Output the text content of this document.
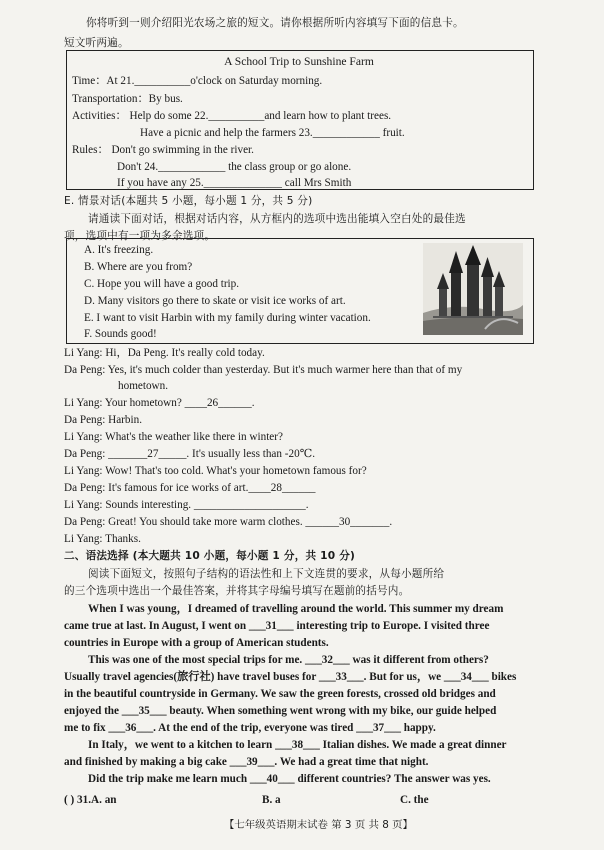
你将听到一则介绍阳光农场之旅的短文。请你根据所听内容填写下面的信息卡。
短文听两遍。
A School Trip to Sunshine Farm
Time：At 21.__________o'clock on Saturday morning.
Transportation：By bus.
Activities： Help do some 22.__________and learn how to plant trees.
Have a picnic and help the farmers 23.____________ fruit.
Rules： Don't go swimming in the river.
Don't 24.____________ the class group or go alone.
If you have any 25.______________ call Mrs Smith
E. 情景对话(本题共 5 小题，每小题 1 分，共 5 分)
请通读下面对话，根据对话内容，从方框内的选项中选出能填入空白处的最佳选
项，选项中有一项为多余选项。
A. It's freezing.
B. Where are you from?
C. Hope you will have a good trip.
D. Many visitors go there to skate or visit ice works of art.
E. I want to visit Harbin with my family during winter vacation.
F. Sounds good!
Li Yang: Hi，Da Peng. It's really cold today.
Da Peng: Yes, it's much colder than yesterday. But it's much warmer here than that of my
hometown.
Li Yang: Your hometown? ____26______.
Da Peng: Harbin.
Li Yang: What's the weather like there in winter?
Da Peng: _______27_____. It's usually less than -20℃.
Li Yang: Wow! That's too cold. What's your hometown famous for?
Da Peng: It's famous for ice works of art.____28______
Li Yang: Sounds interesting. ____________________.
Da Peng: Great! You should take more warm clothes. ______30_______.
Li Yang: Thanks.
二、语法选择 (本大题共 10 小题，每小题 1 分，共 10 分)
阅读下面短文，按照句子结构的语法性和上下文连贯的要求，从每小题所给
的三个选项中选出一个最佳答案，并将其字母编号填写在题前的括号内。
When I was young，I dreamed of travelling around the world. This summer my dream
came true at last. In August, I went on ___31___ interesting trip to Europe. I visited three
countries in Europe with a group of American students.
This was one of the most special trips for me. ___32___ was it different from others?
Usually travel agencies(旅行社) have travel buses for ___33___. But for us，we ___34___ bikes
in the beautiful countryside in Germany. We saw the green forests, crossed old bridges and
enjoyed the ___35___ beauty. When something went wrong with my bike, our guide helped
me to fix ___36___. At the end of the trip, everyone was tired ___37___ happy.
In Italy，we went to a kitchen to learn ___38___ Italian dishes. We made a great dinner
and finished by making a big cake ___39___. We had a great time that night.
Did the trip make me learn much ___40___ different countries? The answer was yes.
( ) 31.A. an	B. a	C. the
【七年级英语期末试卷 第 3 页 共 8 页】
